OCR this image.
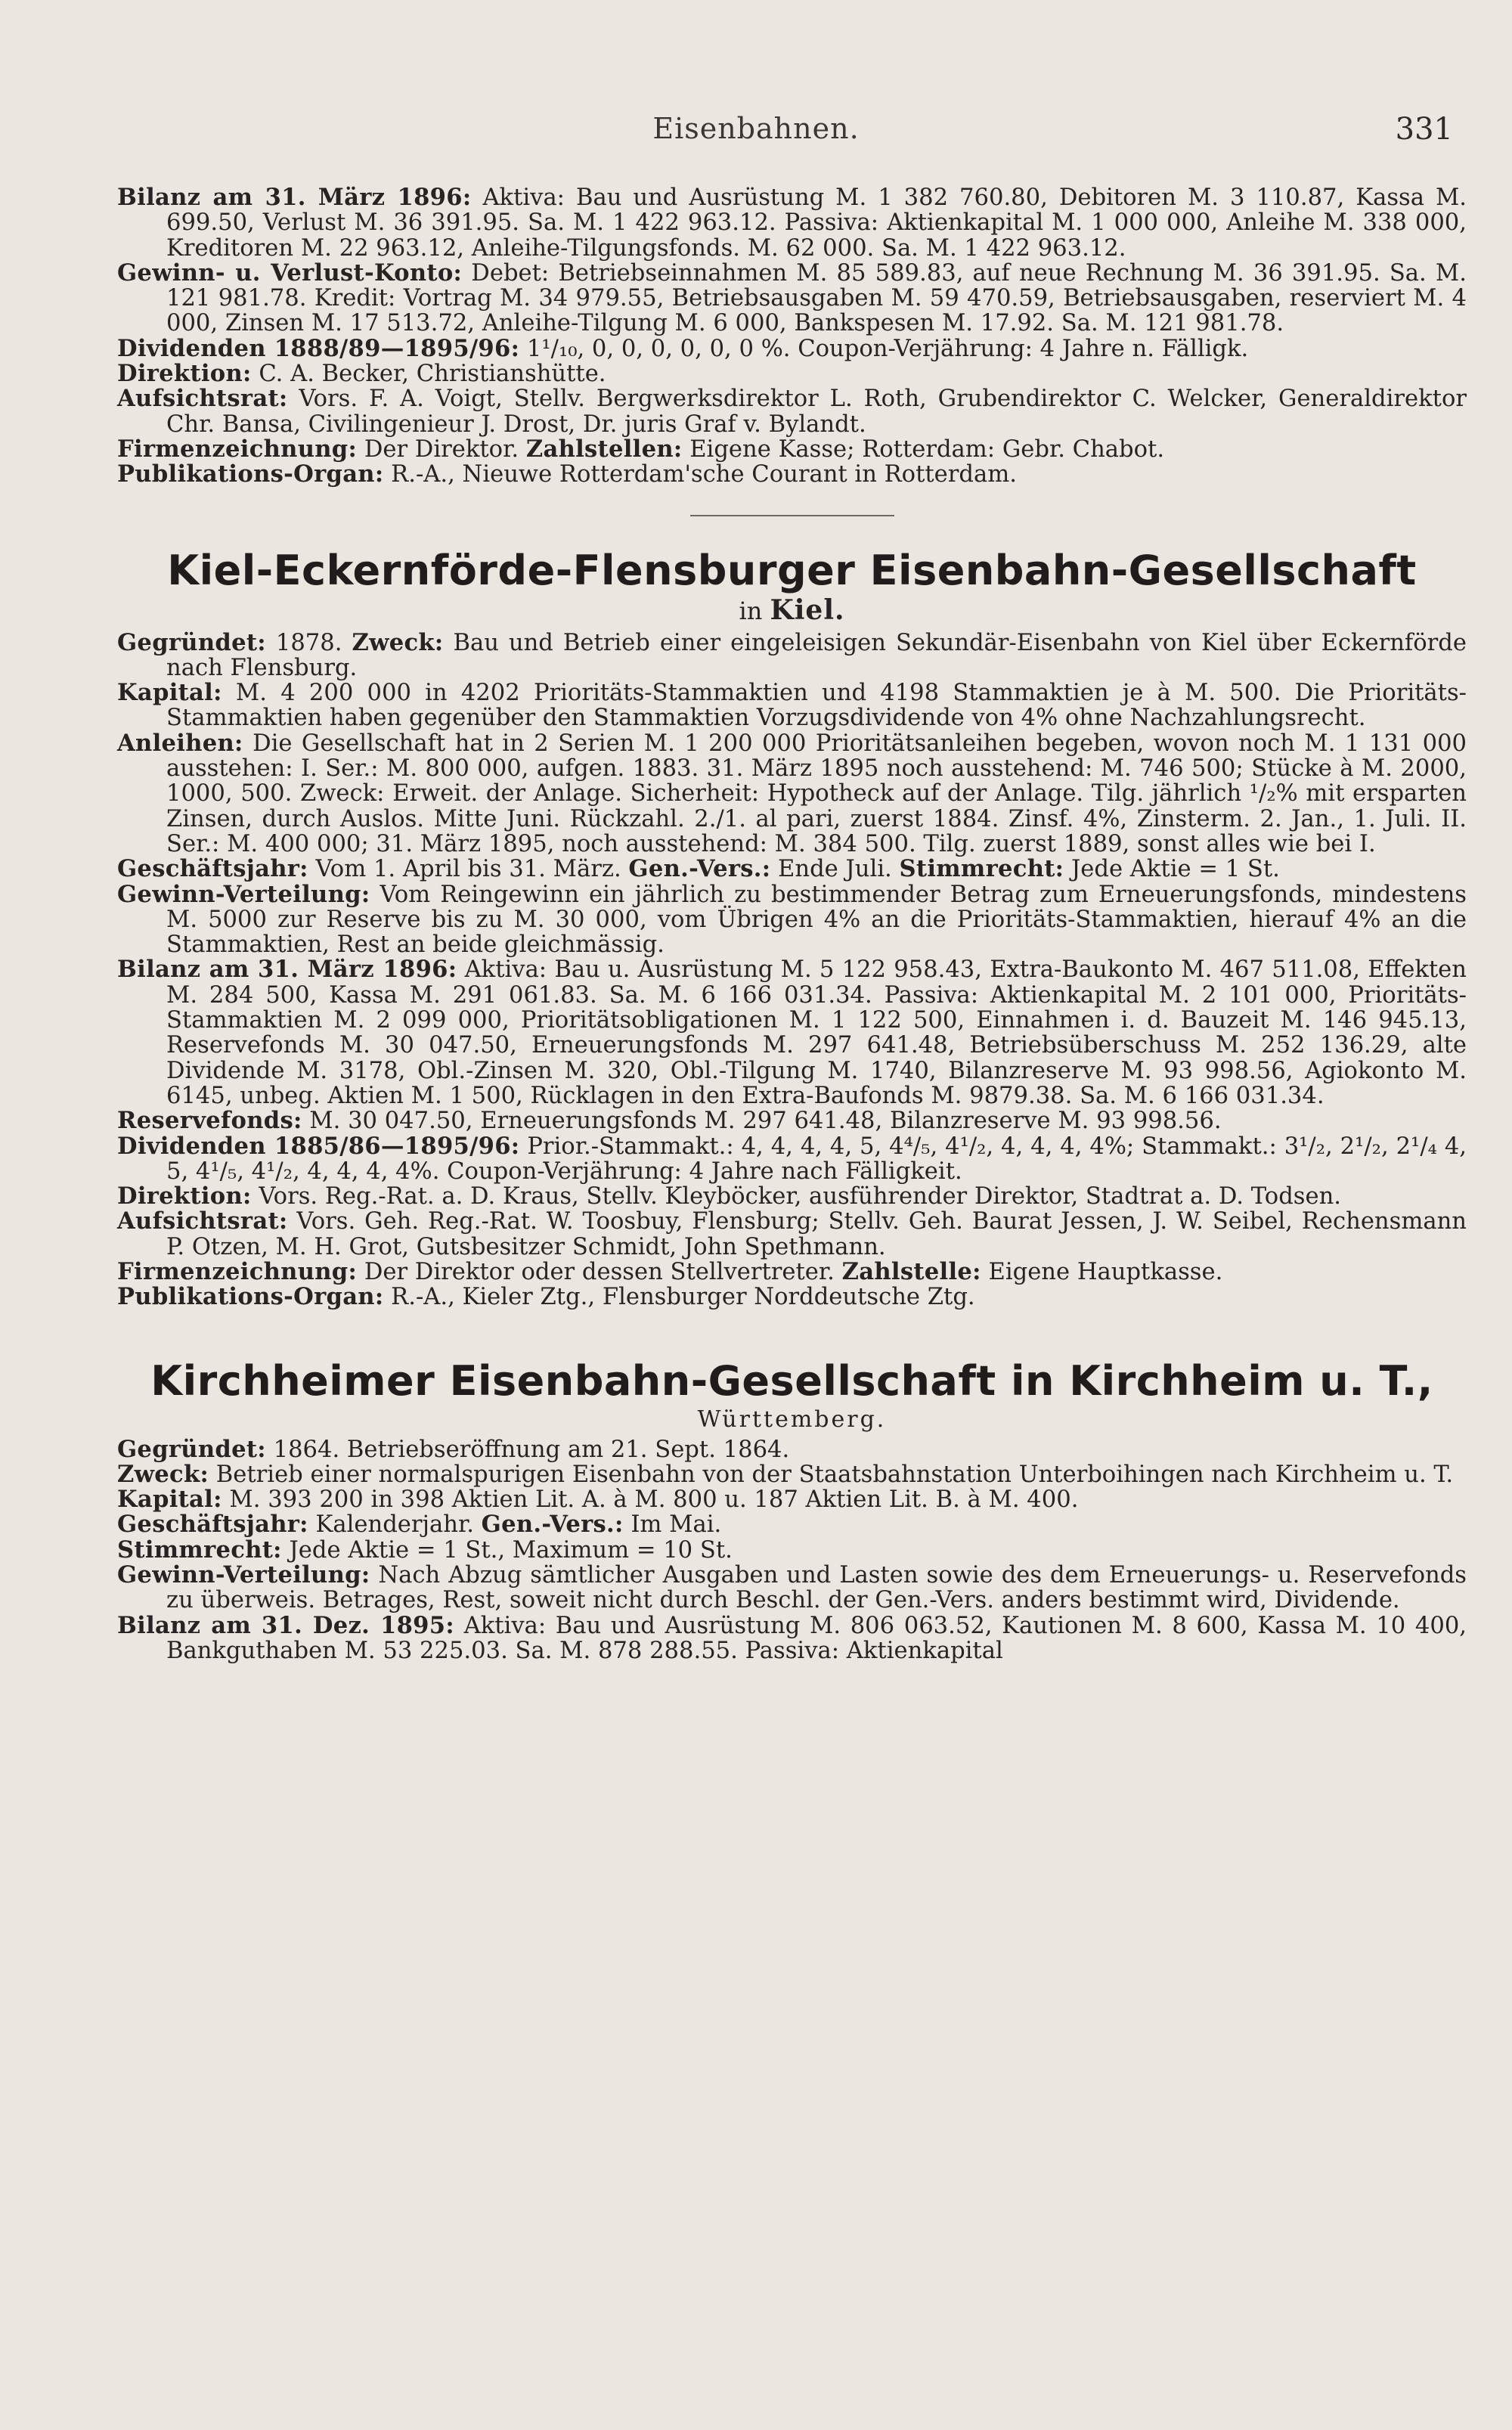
Eisenbahnen.	331

Bilanz am 31. März 1896: Aktiva: Bau und Ausrüstung M. 1 382 760.80, Debitoren M. 3 110.87, Kassa M. 699.50, Verlust M. 36 391.95. Sa. M. 1 422 963.12. Passiva: Aktienkapital M. 1 000 000, Anleihe M. 338 000, Kreditoren M. 22 963.12, Anleihe-Tilgungsfonds. M. 62 000. Sa. M. 1 422 963.12.

Gewinn- u. Verlust-Konto: Debet: Betriebseinnahmen M. 85 589.83, auf neue Rechnung M. 36 391.95. Sa. M. 121 981.78. Kredit: Vortrag M. 34 979.55, Betriebsausgaben M. 59 470.59, Betriebsausgaben, reserviert M. 4 000, Zinsen M. 17 513.72, Anleihe-Tilgung M. 6 000, Bankspesen M. 17.92. Sa. M. 121 981.78.

Dividenden 1888/89—1895/96: 1¹/₁₀, 0, 0, 0, 0, 0, 0 %. Coupon-Verjährung: 4 Jahre n. Fälligk.

Direktion: C. A. Becker, Christianshütte.

Aufsichtsrat: Vors. F. A. Voigt, Stellv. Bergwerksdirektor L. Roth, Grubendirektor C. Welcker, Generaldirektor Chr. Bansa, Civilingenieur J. Drost, Dr. juris Graf v. Bylandt.

Firmenzeichnung: Der Direktor. Zahlstellen: Eigene Kasse; Rotterdam: Gebr. Chabot.

Publikations-Organ: R.-A., Nieuwe Rotterdam'sche Courant in Rotterdam.

Kiel-Eckernförde-Flensburger Eisenbahn-Gesellschaft

in Kiel.

Gegründet: 1878. Zweck: Bau und Betrieb einer eingeleisigen Sekundär-Eisenbahn von Kiel über Eckernförde nach Flensburg.

Kapital: M. 4 200 000 in 4202 Prioritäts-Stammaktien und 4198 Stammaktien je à M. 500. Die Prioritäts-Stammaktien haben gegenüber den Stammaktien Vorzugsdividende von 4% ohne Nachzahlungsrecht.

Anleihen: Die Gesellschaft hat in 2 Serien M. 1 200 000 Prioritätsanleihen begeben, wovon noch M. 1 131 000 ausstehen: I. Ser.: M. 800 000, aufgen. 1883. 31. März 1895 noch ausstehend: M. 746 500; Stücke à M. 2000, 1000, 500. Zweck: Erweit. der Anlage. Sicherheit: Hypotheck auf der Anlage. Tilg. jährlich ¹/₂% mit ersparten Zinsen, durch Auslos. Mitte Juni. Rückzahl. 2./1. al pari, zuerst 1884. Zinsf. 4%, Zinsterm. 2. Jan., 1. Juli. II. Ser.: M. 400 000; 31. März 1895, noch ausstehend: M. 384 500. Tilg. zuerst 1889, sonst alles wie bei I.

Geschäftsjahr: Vom 1. April bis 31. März. Gen.-Vers.: Ende Juli. Stimmrecht: Jede Aktie = 1 St.

Gewinn-Verteilung: Vom Reingewinn ein jährlich zu bestimmender Betrag zum Erneuerungsfonds, mindestens M. 5000 zur Reserve bis zu M. 30 000, vom Übrigen 4% an die Prioritäts-Stammaktien, hierauf 4% an die Stammaktien, Rest an beide gleichmässig.

Bilanz am 31. März 1896: Aktiva: Bau u. Ausrüstung M. 5 122 958.43, Extra-Baukonto M. 467 511.08, Effekten M. 284 500, Kassa M. 291 061.83. Sa. M. 6 166 031.34. Passiva: Aktienkapital M. 2 101 000, Prioritäts-Stammaktien M. 2 099 000, Prioritätsobligationen M. 1 122 500, Einnahmen i. d. Bauzeit M. 146 945.13, Reservefonds M. 30 047.50, Erneuerungsfonds M. 297 641.48, Betriebsüberschuss M. 252 136.29, alte Dividende M. 3178, Obl.-Zinsen M. 320, Obl.-Tilgung M. 1740, Bilanzreserve M. 93 998.56, Agiokonto M. 6145, unbeg. Aktien M. 1 500, Rücklagen in den Extra-Baufonds M. 9879.38. Sa. M. 6 166 031.34.

Reservefonds: M. 30 047.50, Erneuerungsfonds M. 297 641.48, Bilanzreserve M. 93 998.56.

Dividenden 1885/86—1895/96: Prior.-Stammakt.: 4, 4, 4, 4, 5, 4⁴/₅, 4¹/₂, 4, 4, 4, 4%; Stammakt.: 3¹/₂, 2¹/₂, 2¹/₄ 4, 5, 4¹/₅, 4¹/₂, 4, 4, 4, 4%. Coupon-Verjährung: 4 Jahre nach Fälligkeit.

Direktion: Vors. Reg.-Rat. a. D. Kraus, Stellv. Kleyböcker, ausführender Direktor, Stadtrat a. D. Todsen.

Aufsichtsrat: Vors. Geh. Reg.-Rat. W. Toosbuy, Flensburg; Stellv. Geh. Baurat Jessen, J. W. Seibel, Rechensmann P. Otzen, M. H. Grot, Gutsbesitzer Schmidt, John Spethmann.

Firmenzeichnung: Der Direktor oder dessen Stellvertreter. Zahlstelle: Eigene Hauptkasse.

Publikations-Organ: R.-A., Kieler Ztg., Flensburger Norddeutsche Ztg.

Kirchheimer Eisenbahn-Gesellschaft in Kirchheim u. T.,

Württemberg.

Gegründet: 1864. Betriebseröffnung am 21. Sept. 1864.

Zweck: Betrieb einer normalspurigen Eisenbahn von der Staatsbahnstation Unterboihingen nach Kirchheim u. T.

Kapital: M. 393 200 in 398 Aktien Lit. A. à M. 800 u. 187 Aktien Lit. B. à M. 400.

Geschäftsjahr: Kalenderjahr. Gen.-Vers.: Im Mai.

Stimmrecht: Jede Aktie = 1 St., Maximum = 10 St.

Gewinn-Verteilung: Nach Abzug sämtlicher Ausgaben und Lasten sowie des dem Erneuerungs- u. Reservefonds zu überweis. Betrages, Rest, soweit nicht durch Beschl. der Gen.-Vers. anders bestimmt wird, Dividende.

Bilanz am 31. Dez. 1895: Aktiva: Bau und Ausrüstung M. 806 063.52, Kautionen M. 8 600, Kassa M. 10 400, Bankguthaben M. 53 225.03. Sa. M. 878 288.55. Passiva: Aktienkapital
